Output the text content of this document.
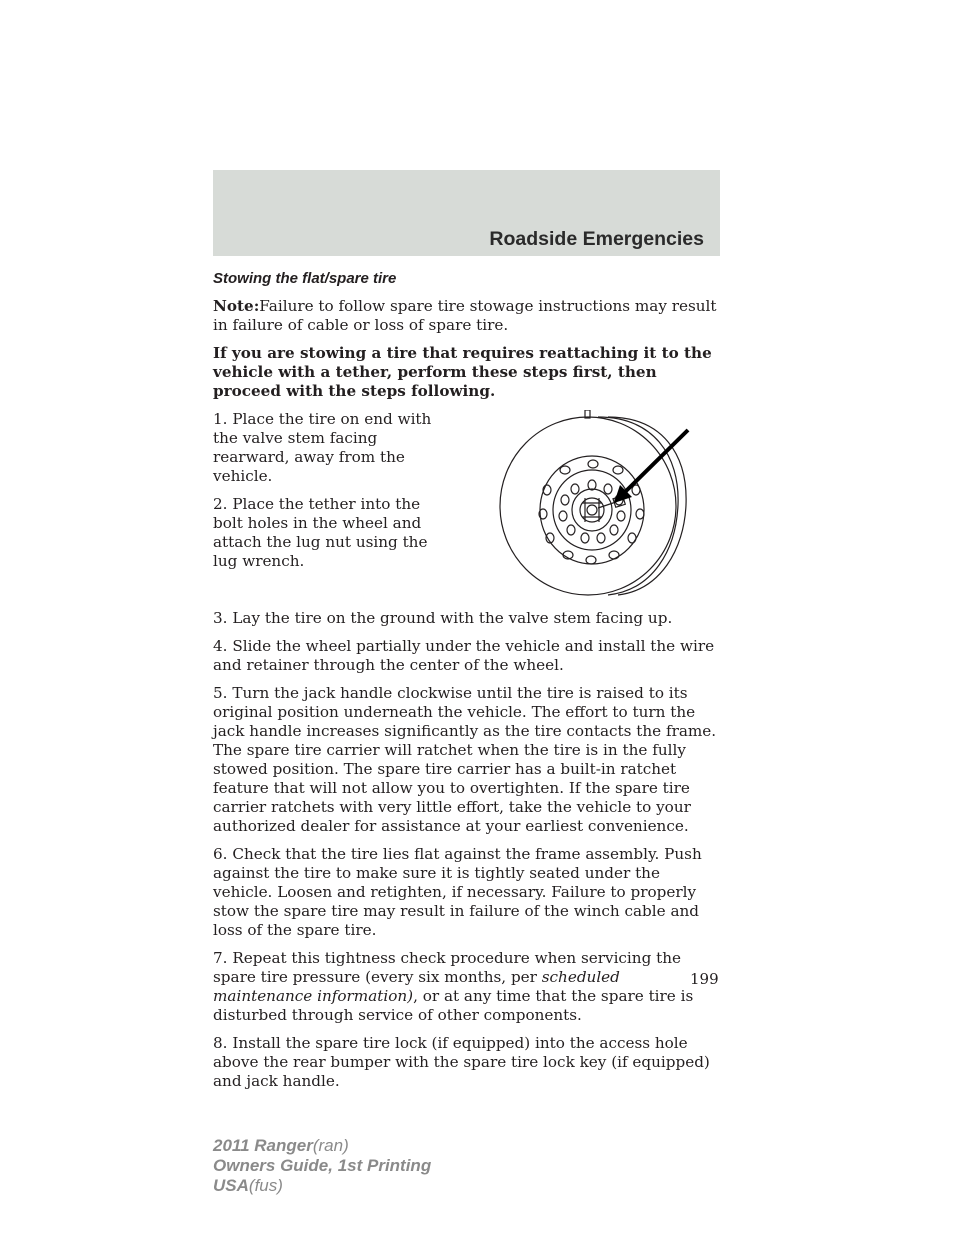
Roadside Emergencies

Stowing the flat/spare tire

Note:Failure to follow spare tire stowage instructions may result in failure of cable or loss of spare tire.

If you are stowing a tire that requires reattaching it to the vehicle with a tether, perform these steps first, then proceed with the steps following.

1. Place the tire on end with the valve stem facing rearward, away from the vehicle.

2. Place the tether into the bolt holes in the wheel and attach the lug nut using the lug wrench.

3. Lay the tire on the ground with the valve stem facing up.

4. Slide the wheel partially under the vehicle and install the wire and retainer through the center of the wheel.

5. Turn the jack handle clockwise until the tire is raised to its original position underneath the vehicle. The effort to turn the jack handle increases significantly as the tire contacts the frame. The spare tire carrier will ratchet when the tire is in the fully stowed position. The spare tire carrier has a built-in ratchet feature that will not allow you to overtighten. If the spare tire carrier ratchets with very little effort, take the vehicle to your authorized dealer for assistance at your earliest convenience.

6. Check that the tire lies flat against the frame assembly. Push against the tire to make sure it is tightly seated under the vehicle. Loosen and retighten, if necessary. Failure to properly stow the spare tire may result in failure of the winch cable and loss of the spare tire.

7. Repeat this tightness check procedure when servicing the spare tire pressure (every six months, per scheduled maintenance information), or at any time that the spare tire is disturbed through service of other components.

8. Install the spare tire lock (if equipped) into the access hole above the rear bumper with the spare tire lock key (if equipped) and jack handle.

199
2011 Ranger(ran)
Owners Guide, 1st Printing
USA(fus)
